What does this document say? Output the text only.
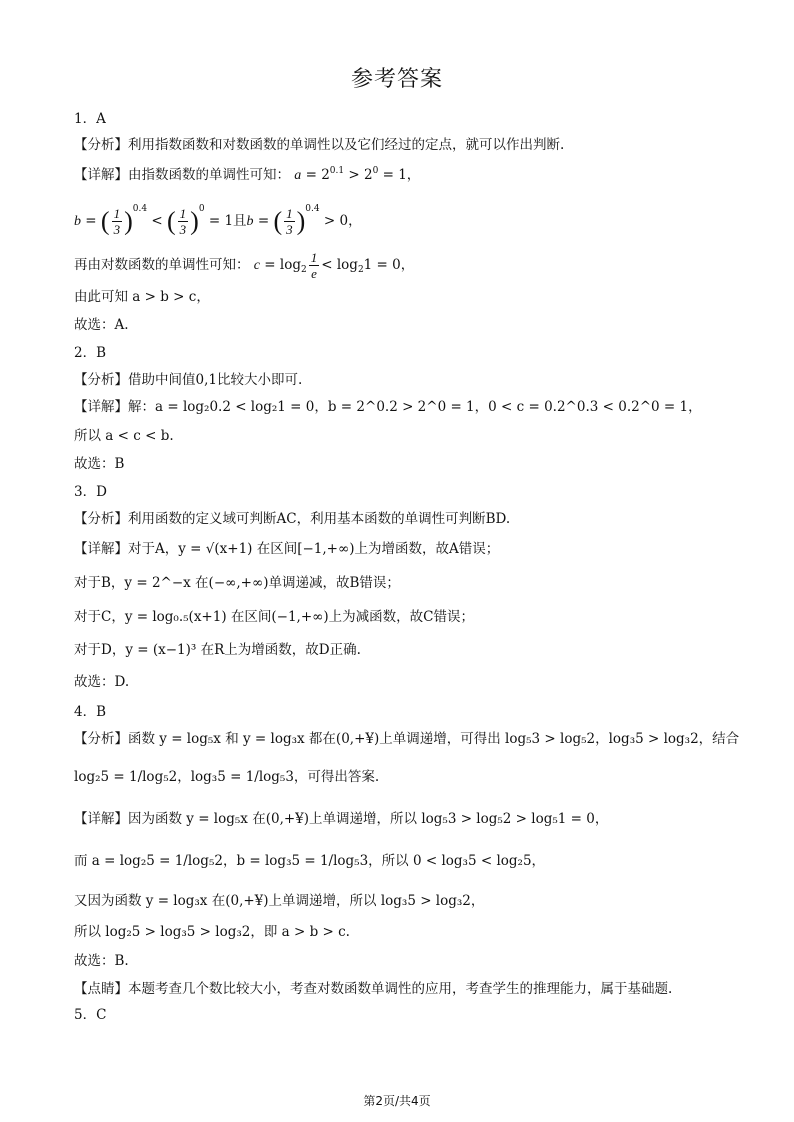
参考答案
1．A
【分析】利用指数函数和对数函数的单调性以及它们经过的定点，就可以作出判断.
【详解】由指数函数的单调性可知： $a = 2^{0.1} > 2^0 = 1$，
b = ( $\frac{1}{3} )^{0.4}$ < ( $\frac{1}{3} )^0 = 1$且b = ( $\frac{1}{3} )^{0.4} > 0$，
再由对数函数的单调性可知： $c = \log_2 \frac{1}{e} < \log_21 = 0$，
由此可知 a > b > c，
故选：A.
2．B
【分析】借助中间值0,1比较大小即可.
【详解】解：a = log₂0.2 < log₂1 = 0，b = 2^0.2 > 2^0 = 1，0 < c = 0.2^0.3 < 0.2^0 = 1，
所以 a < c < b.
故选：B
3．D
【分析】利用函数的定义域可判断AC，利用基本函数的单调性可判断BD.
【详解】对于A，y = √(x+1) 在区间[−1,+∞)上为增函数，故A错误；
对于B，y = 2^−x 在(−∞,+∞)单调递减，故B错误；
对于C，y = log₀.₅(x+1) 在区间(−1,+∞)上为减函数，故C错误；
对于D，y = (x−1)³ 在R上为增函数，故D正确.
故选：D.
4．B
【分析】函数 y = log₅x 和 y = log₃x 都在(0,+¥)上单调递增，可得出 log₅3 > log₅2，log₃5 > log₃2，结合
log₂5 = 1/log₅2，log₃5 = 1/log₅3，可得出答案.
【详解】因为函数 y = log₅x 在(0,+¥)上单调递增，所以 log₅3 > log₅2 > log₅1 = 0，
而 a = log₂5 = 1/log₅2，b = log₃5 = 1/log₅3，所以 0 < log₃5 < log₂5，
又因为函数 y = log₃x 在(0,+¥)上单调递增，所以 log₃5 > log₃2，
所以 log₂5 > log₃5 > log₃2，即 a > b > c.
故选：B.
【点睛】本题考查几个数比较大小，考查对数函数单调性的应用，考查学生的推理能力，属于基础题.
5．C
第2页/共4页
